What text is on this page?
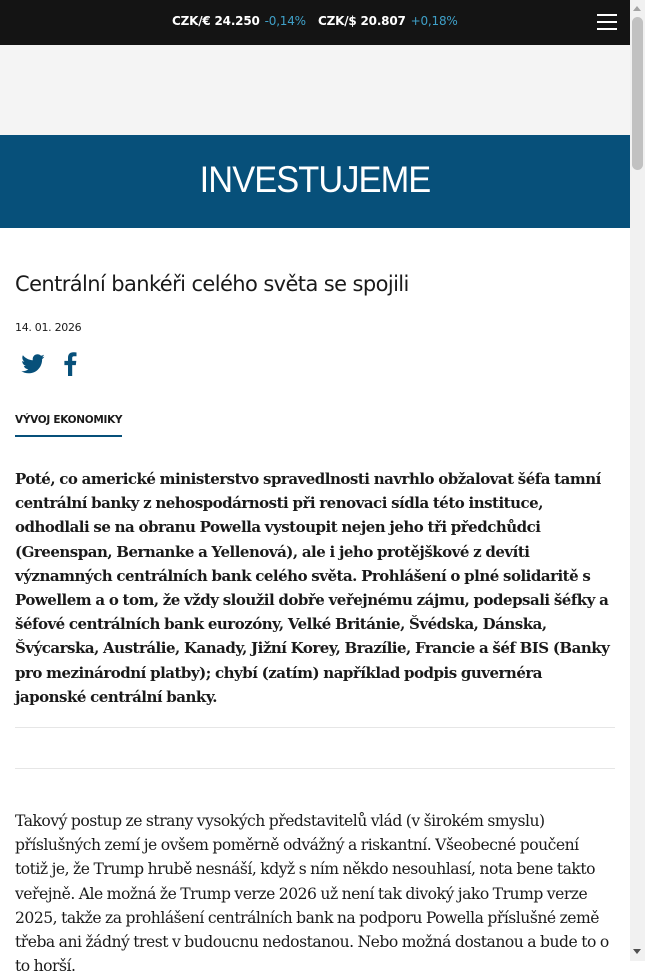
CZK/€ 24.250 -0,14% CZK/$ 20.807 +0,18%
INVESTUJEME
Centrální bankéři celého světa se spojili
14. 01. 2026
VÝVOJ EKONOMIKY

Poté, co americké ministerstvo spravedlnosti navrhlo obžalovat šéfa tamní centrální banky z nehospodárnosti při renovaci sídla této instituce, odhodlali se na obranu Powella vystoupit nejen jeho tři předchůdci (Greenspan, Bernanke a Yellenová), ale i jeho protějškové z devíti významných centrálních bank celého světa. Prohlášení o plné solidaritě s Powellem a o tom, že vždy sloužil dobře veřejnému zájmu, podepsali šéfky a šéfové centrálních bank eurozóny, Velké Británie, Švédska, Dánska, Švýcarska, Austrálie, Kanady, Jižní Korey, Brazílie, Francie a šéf BIS (Banky pro mezinárodní platby); chybí (zatím) například podpis guvernéra japonské centrální banky.

Takový postup ze strany vysokých představitelů vlád (v širokém smyslu) příslušných zemí je ovšem poměrně odvážný a riskantní. Všeobecné poučení totiž je, že Trump hrubě nesnáší, když s ním někdo nesouhlasí, nota bene takto veřejně. Ale možná že Trump verze 2026 už není tak divoký jako Trump verze 2025, takže za prohlášení centrálních bank na podporu Powella příslušné země třeba ani žádný trest v budoucnu nedostanou. Nebo možná dostanou a bude to o to horší.
